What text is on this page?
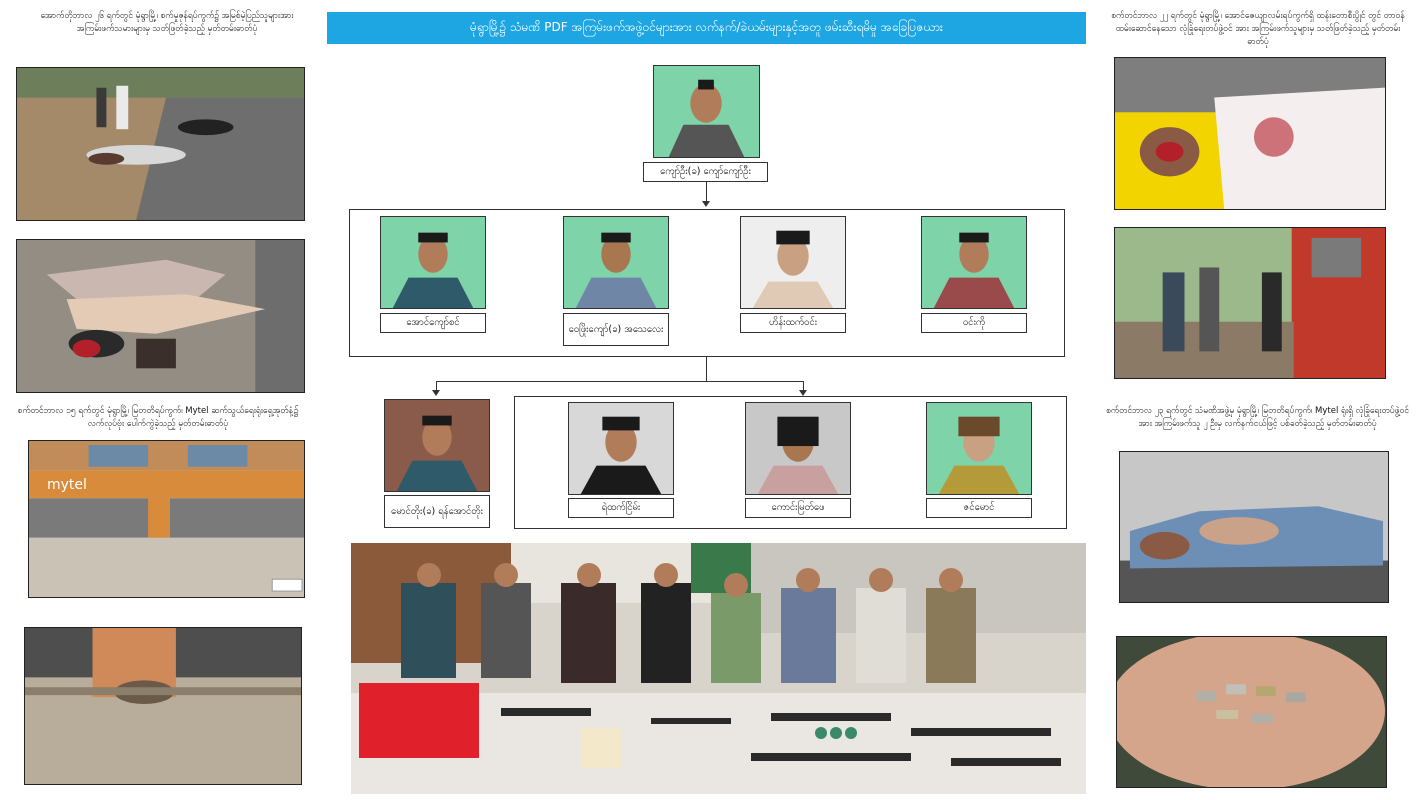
မုံရွာမြို့၌ သံမဏိ PDF အကြမ်းဖက်အဖွဲ့ဝင်များအား လက်နက်/ခဲယမ်းများနှင့်အတူ ဖမ်းဆီးရမိမှု အခြေပြဇယား
အောက်တိုဘာလ ၂၆ ရက်တွင် မုံရွာမြို့၊ စက်မှုဇုန်ရပ်ကွက်၌ အမြစ်မဲ့ပြည်သူများအား အကြမ်းဖက်သမားများမှ သတ်ဖြတ်ခဲ့သည့် မှတ်တမ်းဓာတ်ပုံ
စက်တင်ဘာလ ၁၅ ရက်တွင် မုံရွာမြို့၊ မြတတိရပ်ကွက်၊ Mytel ဆက်သွယ်ရေးရုံးရှေ့အုတ်နံ့၌ လက်လုပ်ဗုံး ပေါက်ကွဲခဲ့သည့် မှတ်တမ်းဓာတ်ပုံ
mytel
စက်တင်ဘာလ ၂၂ ရက်တွင် မုံရွာမြို့၊ အောင်ဇေယျာလမ်းရပ်ကွက်ရှိ ထန်းတောစီးပွိုင် တွင် တာဝန်ထမ်းဆောင်နေသော လုံခြုံရေးတပ်ဖွဲ့ဝင် အား အကြမ်းဖက်သူများမှ သတ်ဖြတ်ခဲ့သည့် မှတ်တမ်းဓာတ်ပုံ
စက်တင်ဘာလ ၂၃ ရက်တွင် သံမဏိအဖွဲ့မှ မုံရွာမြို့၊ မြတတိရပ်ကွက်၊ Mytel ရုံးရှိ လုံခြုံရေးတပ်ဖွဲ့ဝင်အား အကြမ်းဖက်သူ ၂ ဦးမှ လက်နက်ငယ်ဖြင့် ပစ်ခတ်ခဲ့သည့် မှတ်တမ်းဓာတ်ပုံ
ကျော်ဦး(ခ) ကျော်ကျော်ဦး
အောင်ကျော်စင်
ဝေဖြိုးကျော်(ခ) အသေလေး
ဟိန်းထက်ဝင်း	ဝင်းကို
မောင်တိုး(ခ) ရန်အောင်တိုး	ရဲထက်ငြိမ်း	ကောင်းမြတ်ဖေ	ဇင်မောင်
